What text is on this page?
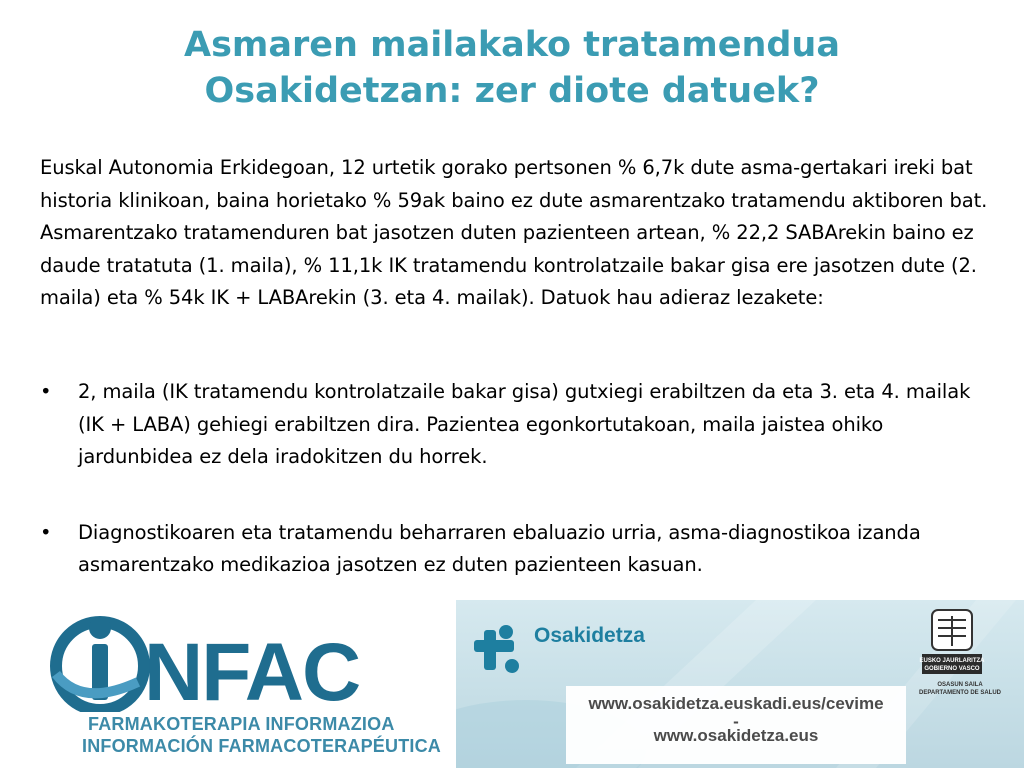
Asmaren mailakako tratamendua
Osakidetzan: zer diote datuek?

Euskal Autonomia Erkidegoan, 12 urtetik gorako pertsonen % 6,7k dute asma-gertakari ireki bat historia klinikoan, baina horietako % 59ak baino ez dute asmarentzako tratamendu aktiboren bat. Asmarentzako tratamenduren bat jasotzen duten pazienteen artean, % 22,2 SABArekin baino ez daude tratatuta (1. maila), % 11,1k IK tratamendu kontrolatzaile bakar gisa ere jasotzen dute (2. maila) eta % 54k IK + LABArekin (3. eta 4. mailak). Datuok hau adieraz lezakete:

• 2, maila (IK tratamendu kontrolatzaile bakar gisa) gutxiegi erabiltzen da eta 3. eta 4. mailak (IK + LABA) gehiegi erabiltzen dira. Pazientea egonkortutakoan, maila jaistea ohiko jardunbidea ez dela iradokitzen du horrek.
• Diagnostikoaren eta tratamendu beharraren ebaluazio urria, asma-diagnostikoa izanda asmarentzako medikazioa jasotzen ez duten pazienteen kasuan.
NFAC

FARMAKOTERAPIA INFORMAZIOA

INFORMACIÓN FARMACOTERAPÉUTICA

Osakidetza

www.osakidetza.euskadi.eus/cevime

-

www.osakidetza.eus

EUSKO JAURLARITZA
GOBIERNO VASCO

OSASUN SAILA

DEPARTAMENTO DE SALUD
